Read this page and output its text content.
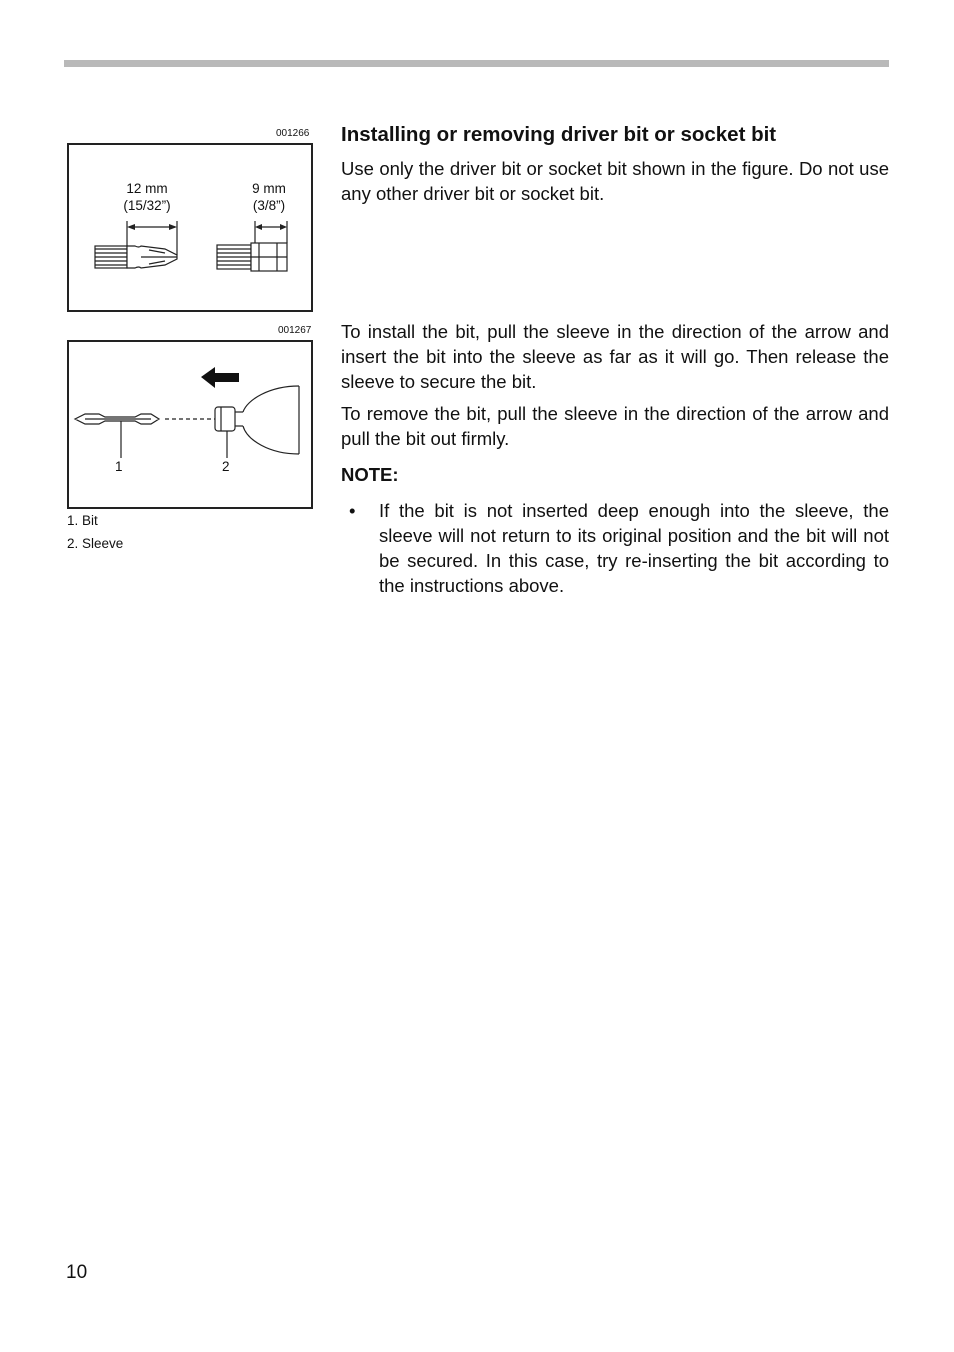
001266
12 mm
(15/32”)
9 mm
(3/8”)
001267
1	2
1. Bit
2. Sleeve
Installing or removing driver bit or socket bit

Use only the driver bit or socket bit shown in the figure. Do not use any other driver bit or socket bit.

To install the bit, pull the sleeve in the direction of the arrow and insert the bit into the sleeve as far as it will go. Then release the sleeve to secure the bit.

To remove the bit, pull the sleeve in the direction of the arrow and pull the bit out firmly.

NOTE:
• If the bit is not inserted deep enough into the sleeve, the sleeve will not return to its original position and the bit will not be secured. In this case, try re-inserting the bit according to the instructions above.
10
